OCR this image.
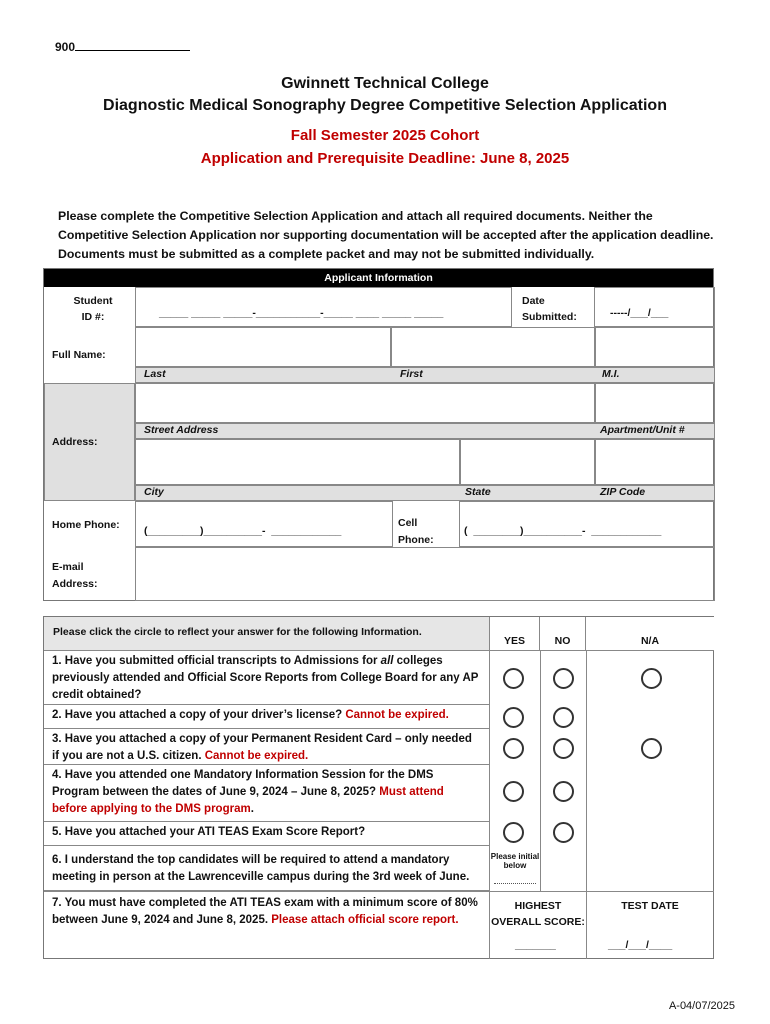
900
Gwinnett Technical College
Diagnostic Medical Sonography Degree Competitive Selection Application
Fall Semester 2025 Cohort
Application and Prerequisite Deadline: June 8, 2025
Please complete the Competitive Selection Application and attach all required documents. Neither the Competitive Selection Application nor supporting documentation will be accepted after the application deadline. Documents must be submitted as a complete packet and may not be submitted individually.
Applicant Information
Student ID #:	_____ _____ _____-___________-_____ ____ _____ _____
Date Submitted:	-----/___/___
Full Name:
Last	First	M.I.
Address:
Street Address	Apartment/Unit #
City	State	ZIP Code
Home Phone: (_________)__________-  ____________
Cell Phone:
(  ________)__________-  ____________
E-mail Address:
Please click the circle to reflect your answer for the following Information.
YES	NO	N/A
1. Have you submitted official transcripts to Admissions for all colleges previously attended and Official Score Reports from College Board for any AP credit obtained?
2. Have you attached a copy of your driver’s license? Cannot be expired.
3. Have you attached a copy of your Permanent Resident Card – only needed if you are not a U.S. citizen. Cannot be expired.
4. Have you attended one Mandatory Information Session for the DMS Program between the dates of June 9, 2024 – June 8, 2025? Must attend before applying to the DMS program.
5. Have you attached your ATI TEAS Exam Score Report?
6. I understand the top candidates will be required to attend a mandatory meeting in person at the Lawrenceville campus during the 3rd week of June.
Please initial below
7. You must have completed the ATI TEAS exam with a minimum score of 80% between June 9, 2024 and June 8, 2025. Please attach official score report.
HIGHEST OVERALL SCORE:
_______
TEST DATE
___/___/____
A-04/07/2025
